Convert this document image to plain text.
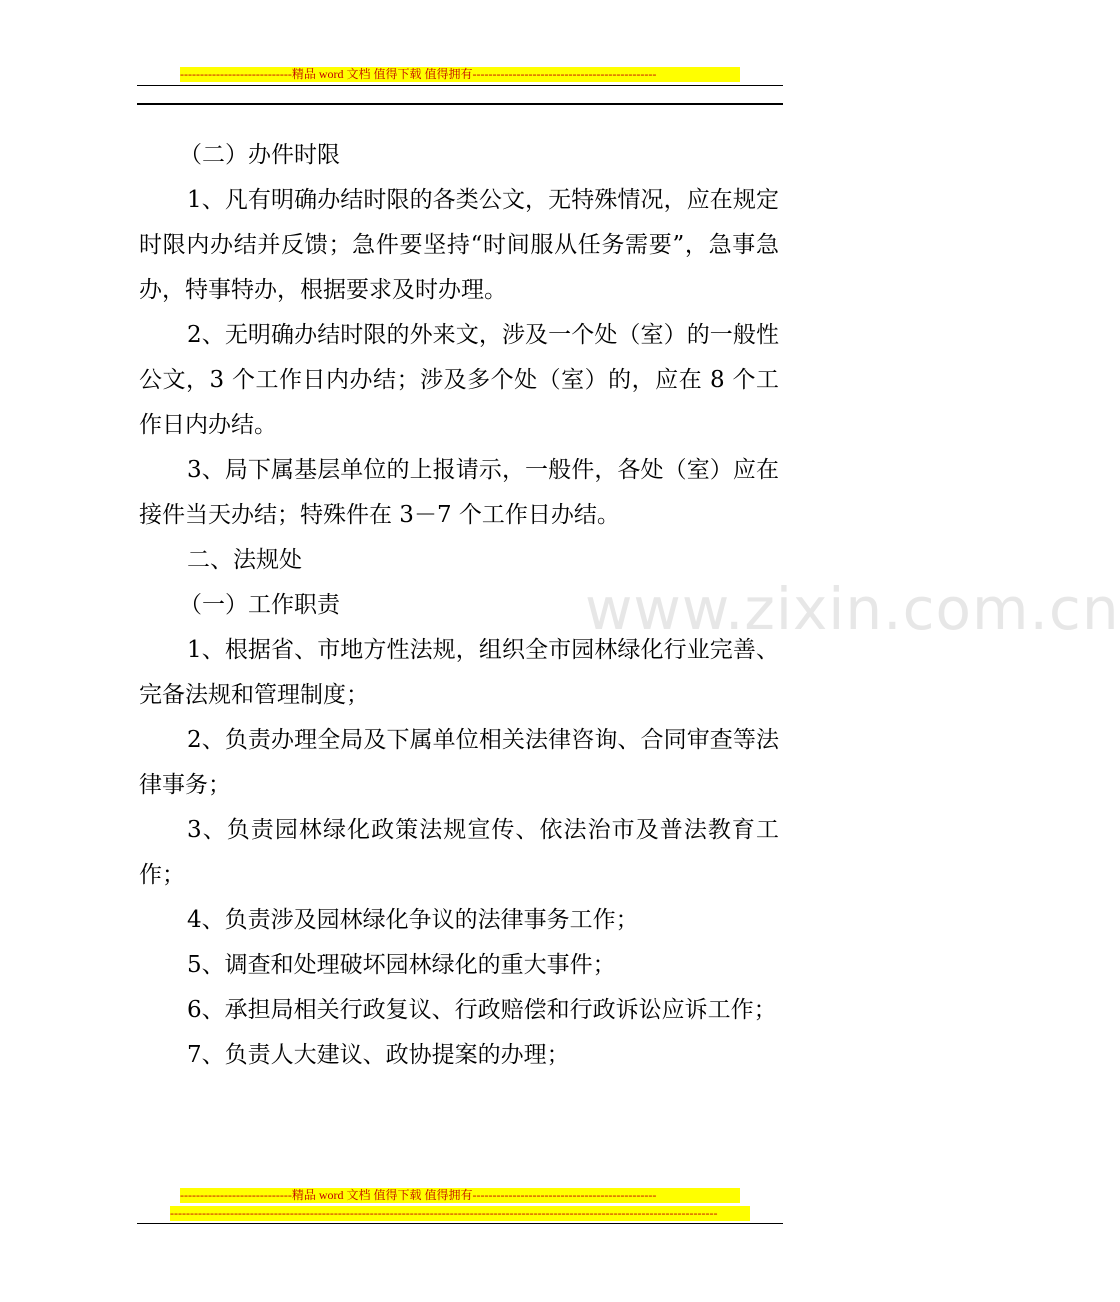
----------------------------精品 word 文档 值得下载 值得拥有----------------------------------------------
www.zixin.com.cn

（二）办件时限

1、凡有明确办结时限的各类公文，无特殊情况，应在规定时限内办结并反馈；急件要坚持“时间服从任务需要”，急事急办，特事特办，根据要求及时办理。

2、无明确办结时限的外来文，涉及一个处（室）的一般性公文，3 个工作日内办结；涉及多个处（室）的，应在 8 个工作日内办结。

3、局下属基层单位的上报请示，一般件，各处（室）应在接件当天办结；特殊件在 3－7 个工作日办结。

二、法规处

（一）工作职责

1、根据省、市地方性法规，组织全市园林绿化行业完善、完备法规和管理制度；

2、负责办理全局及下属单位相关法律咨询、合同审查等法律事务；

3、负责园林绿化政策法规宣传、依法治市及普法教育工作；

4、负责涉及园林绿化争议的法律事务工作；

5、调查和处理破坏园林绿化的重大事件；

6、承担局相关行政复议、行政赔偿和行政诉讼应诉工作；

7、负责人大建议、政协提案的办理；

----------------------------精品 word 文档 值得下载 值得拥有----------------------------------------------
-----------------------------------------------------------------------------------------------------------------------------------------
